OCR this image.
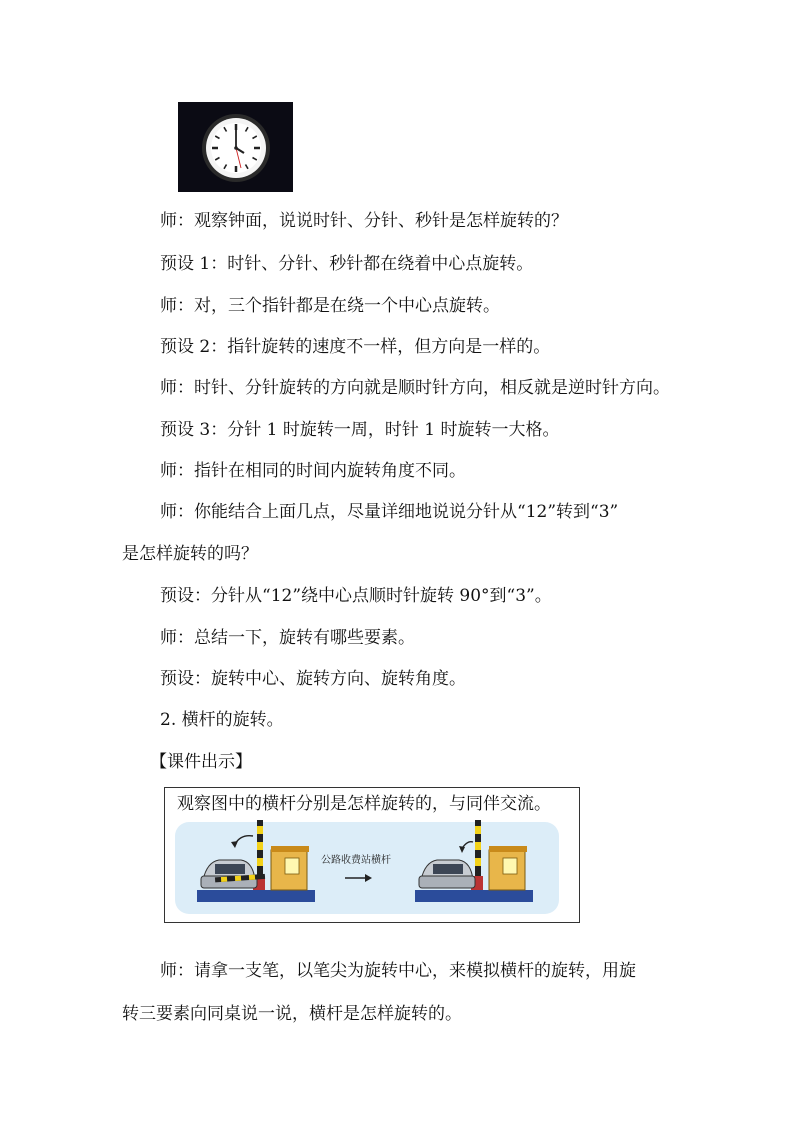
师：观察钟面，说说时针、分针、秒针是怎样旋转的？

预设 1：时针、分针、秒针都在绕着中心点旋转。

师：对，三个指针都是在绕一个中心点旋转。

预设 2：指针旋转的速度不一样，但方向是一样的。

师：时针、分针旋转的方向就是顺时针方向，相反就是逆时针方向。

预设 3：分针 1 时旋转一周，时针 1 时旋转一大格。

师：指针在相同的时间内旋转角度不同。

师：你能结合上面几点，尽量详细地说说分针从“12”转到“3”

是怎样旋转的吗？

预设：分针从“12”绕中心点顺时针旋转 90°到“3”。

师：总结一下，旋转有哪些要素。

预设：旋转中心、旋转方向、旋转角度。

2. 横杆的旋转。

【课件出示】

观察图中的横杆分别是怎样旋转的，与同伴交流。
公路收费站横杆

师：请拿一支笔，以笔尖为旋转中心，来模拟横杆的旋转，用旋

转三要素向同桌说一说，横杆是怎样旋转的。
